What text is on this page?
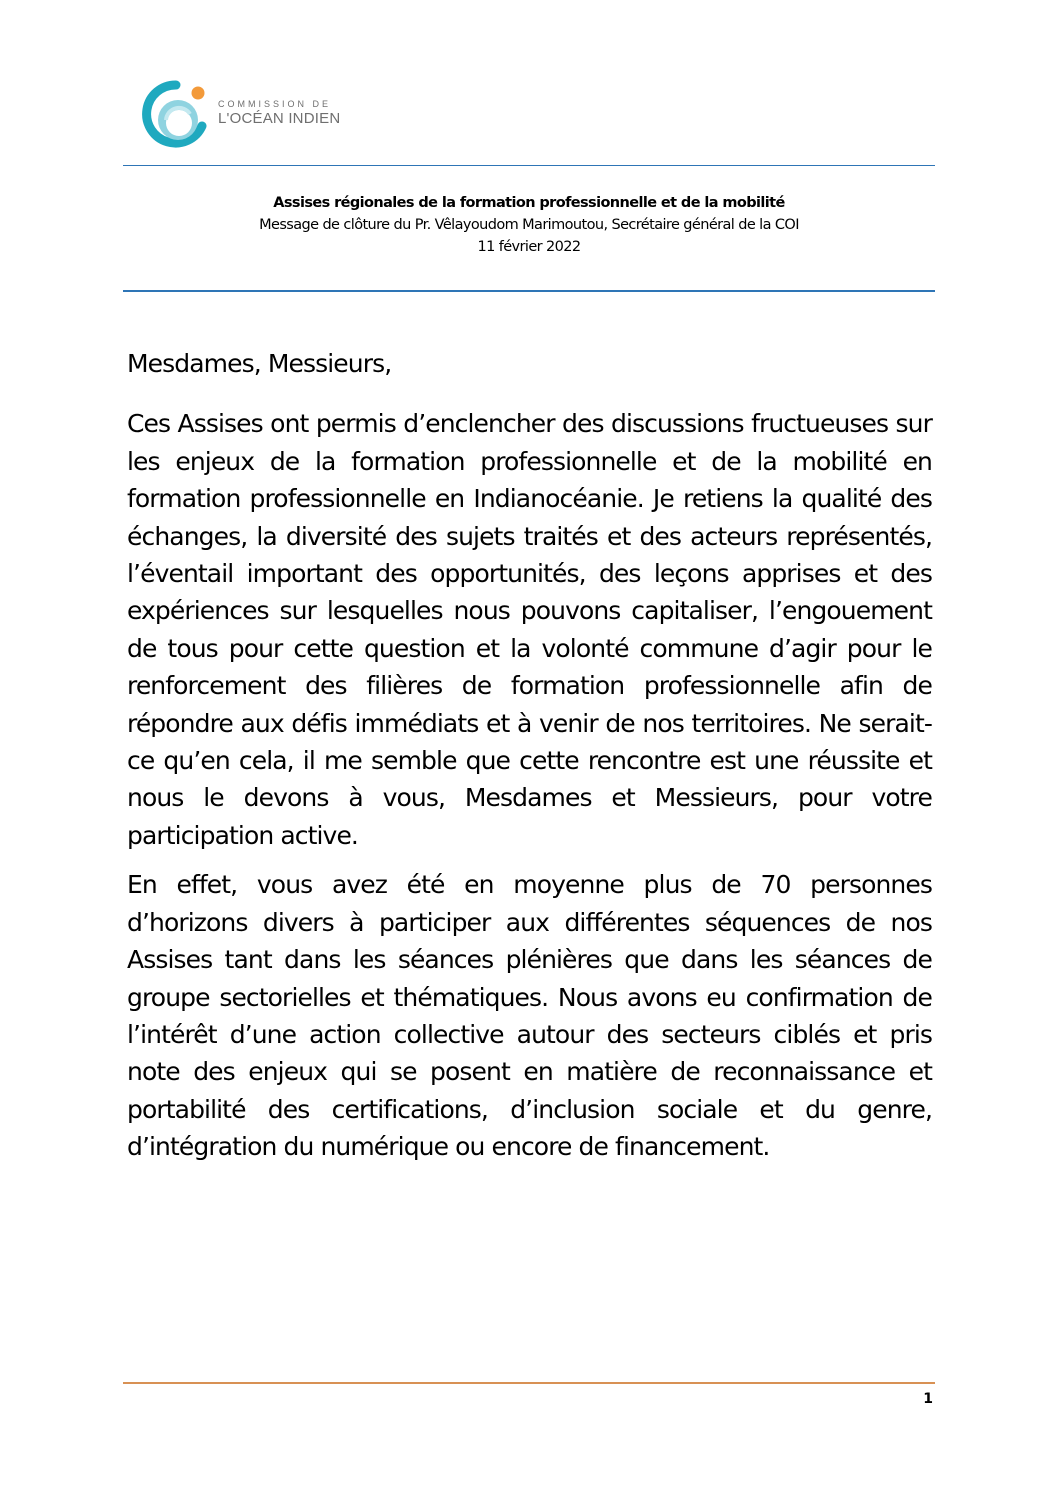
COMMISSION DE
L'OCÉAN INDIEN
Assises régionales de la formation professionnelle et de la mobilité
Message de clôture du Pr. Vêlayoudom Marimoutou, Secrétaire général de la COI
11 février 2022

Mesdames, Messieurs,

Ces Assises ont permis d’enclencher des discussions fructueuses sur les enjeux de la formation professionnelle et de la mobilité en formation professionnelle en Indianocéanie. Je retiens la qualité des échanges, la diversité des sujets traités et des acteurs représentés, l’éventail important des opportunités, des leçons apprises et des expériences sur lesquelles nous pouvons capitaliser, l’engouement de tous pour cette question et la volonté commune d’agir pour le renforcement des filières de formation professionnelle afin de répondre aux défis immédiats et à venir de nos territoires. Ne serait-ce qu’en cela, il me semble que cette rencontre est une réussite et nous le devons à vous, Mesdames et Messieurs, pour votre participation active.

En effet, vous avez été en moyenne plus de 70 personnes d’horizons divers à participer aux différentes séquences de nos Assises tant dans les séances plénières que dans les séances de groupe sectorielles et thématiques. Nous avons eu confirmation de l’intérêt d’une action collective autour des secteurs ciblés et pris note des enjeux qui se posent en matière de reconnaissance et portabilité des certifications, d’inclusion sociale et du genre, d’intégration du numérique ou encore de financement.

1
